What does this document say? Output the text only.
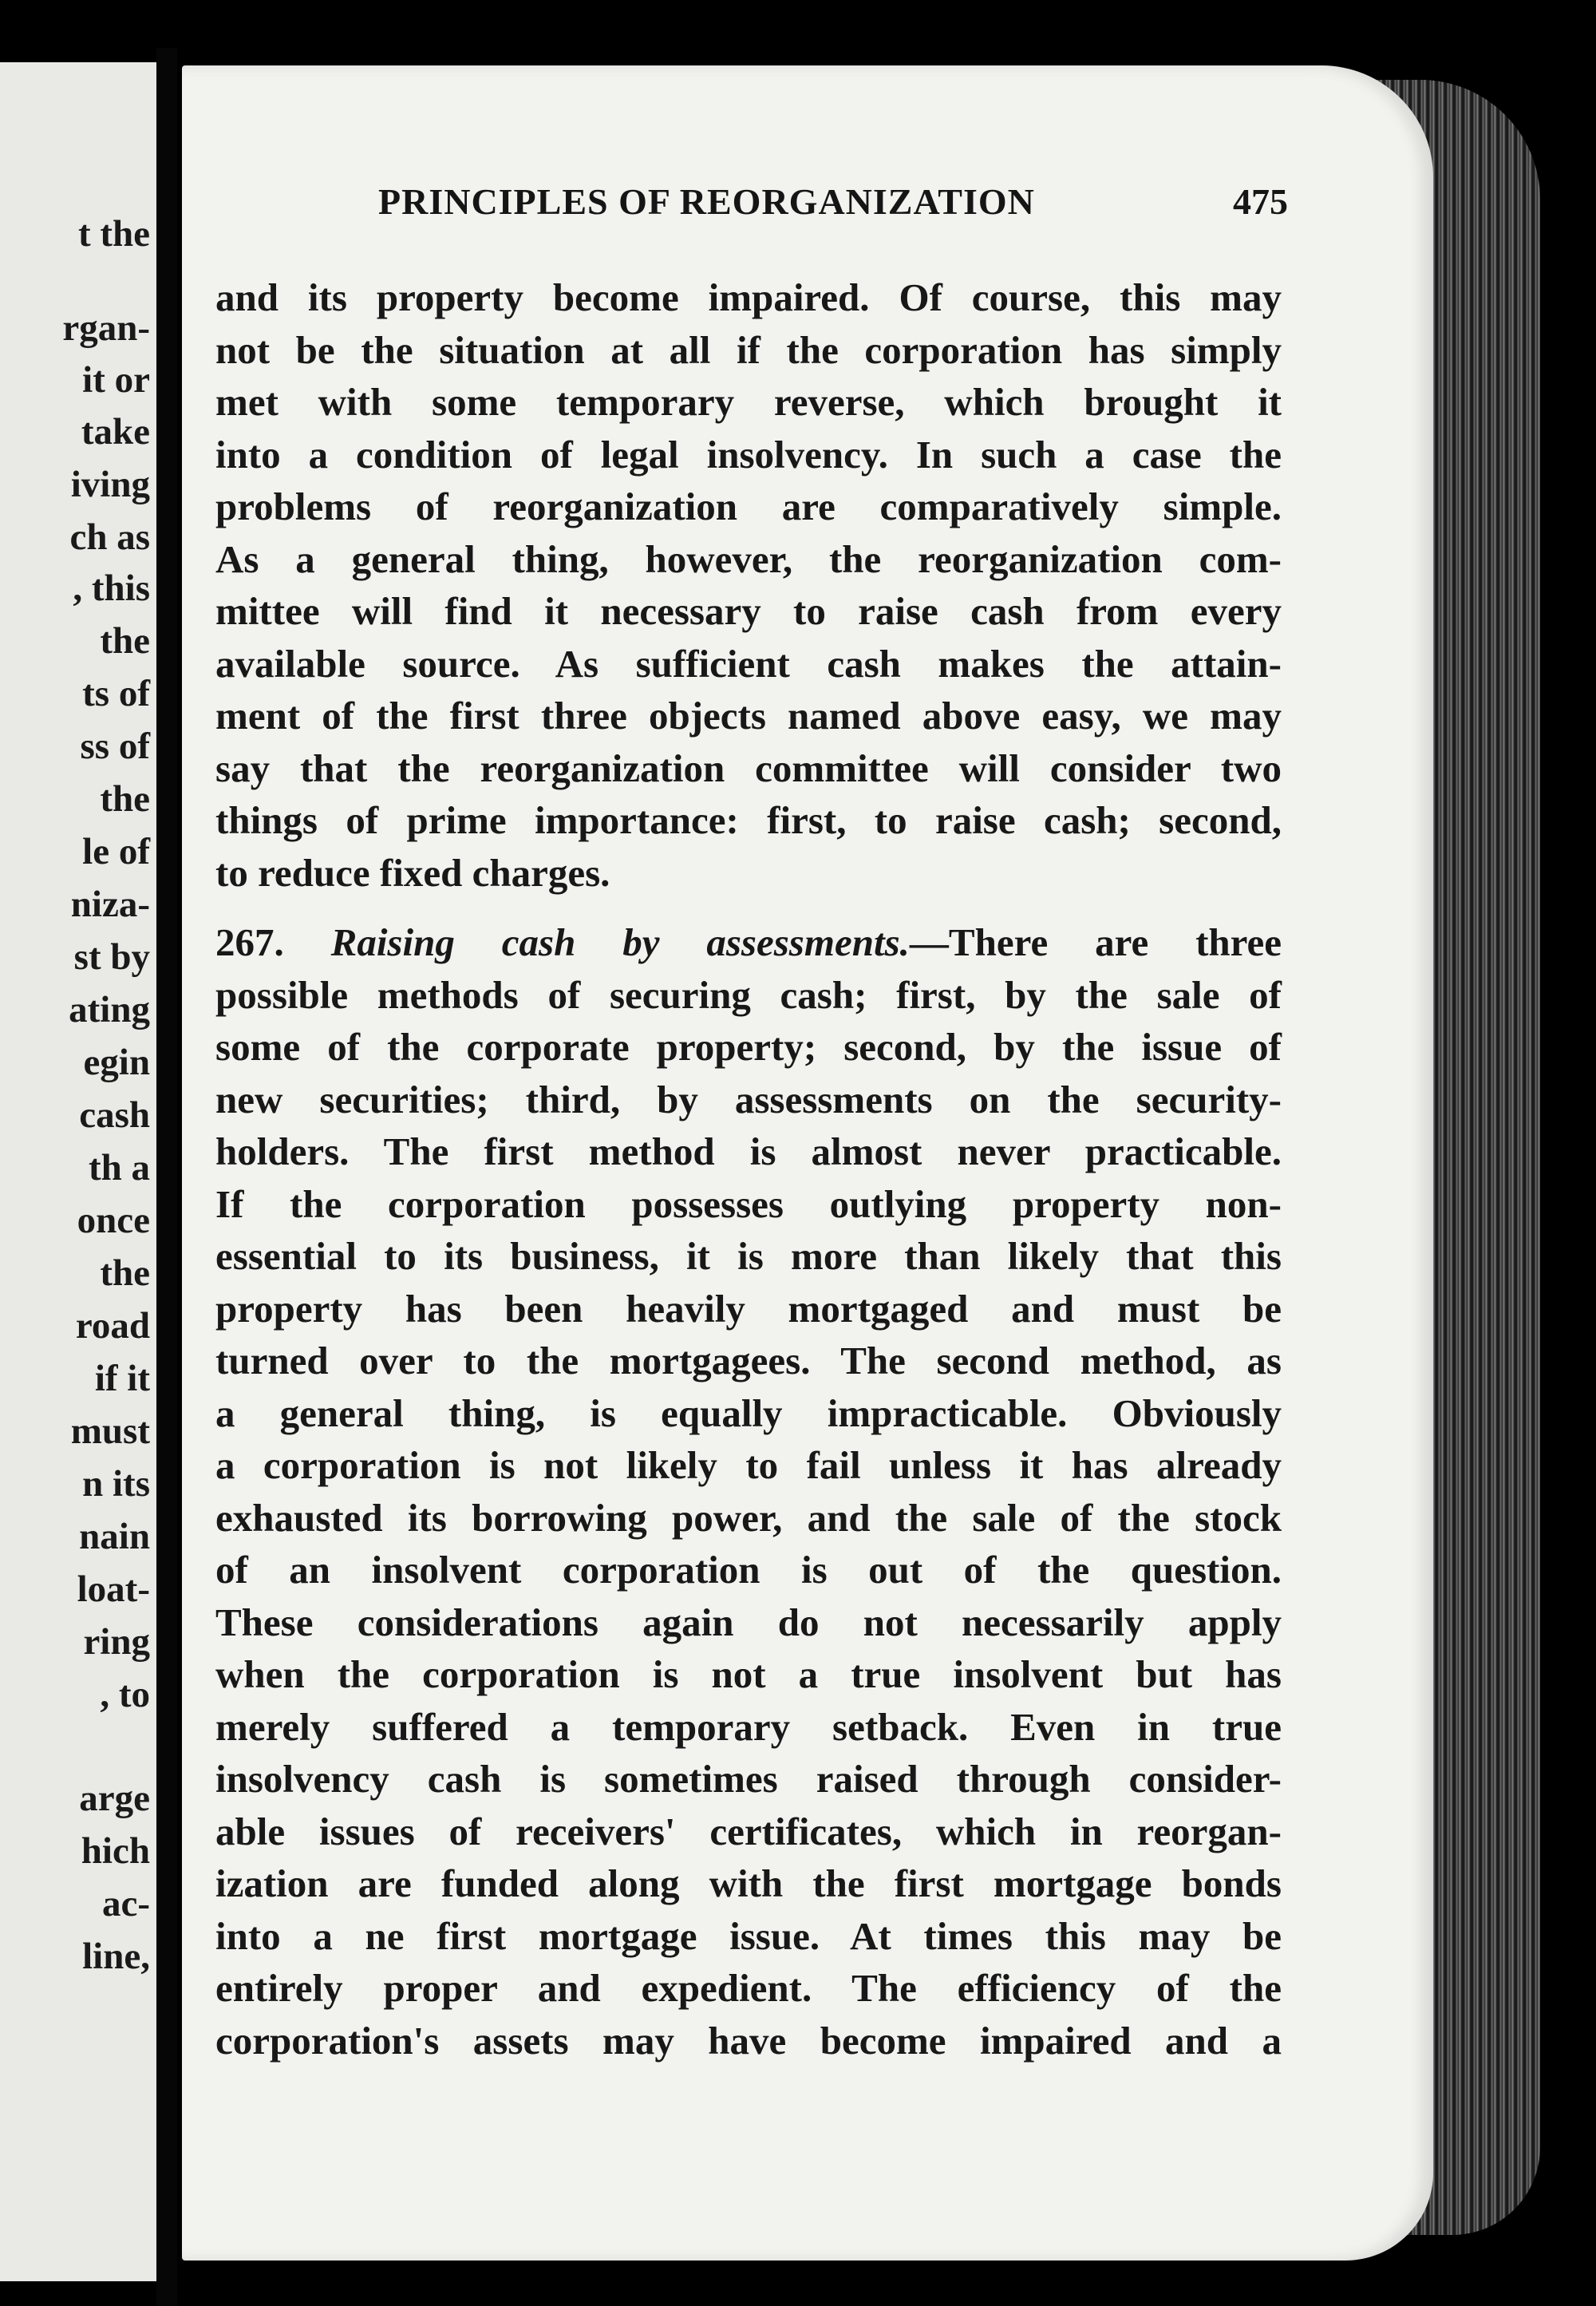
t the
rgan-
it or
take
iving
ch as
, this
the
ts of
ss of
the
le of
niza-
st by
ating
egin
cash
th a
once
the
road
if it
must
n its
nain
loat-
ring
, to
arge
hich
ac-
line,
PRINCIPLES OF REORGANIZATION	475
and its property become impaired. Of course, this may
not be the situation at all if the corporation has simply
met with some temporary reverse, which brought it
into a condition of legal insolvency. In such a case the
problems of reorganization are comparatively simple.
As a general thing, however, the reorganization com-
mittee will find it necessary to raise cash from every
available source. As sufficient cash makes the attain-
ment of the first three objects named above easy, we may
say that the reorganization committee will consider two
things of prime importance: first, to raise cash; second,
to reduce fixed charges.
267. Raising cash by assessments.—There are three
possible methods of securing cash; first, by the sale of
some of the corporate property; second, by the issue of
new securities; third, by assessments on the security-
holders. The first method is almost never practicable.
If the corporation possesses outlying property non-
essential to its business, it is more than likely that this
property has been heavily mortgaged and must be
turned over to the mortgagees. The second method, as
a general thing, is equally impracticable. Obviously
a corporation is not likely to fail unless it has already
exhausted its borrowing power, and the sale of the stock
of an insolvent corporation is out of the question.
These considerations again do not necessarily apply
when the corporation is not a true insolvent but has
merely suffered a temporary setback. Even in true
insolvency cash is sometimes raised through consider-
able issues of receivers' certificates, which in reorgan-
ization are funded along with the first mortgage bonds
into a ne first mortgage issue. At times this may be
entirely proper and expedient. The efficiency of the
corporation's assets may have become impaired and a
